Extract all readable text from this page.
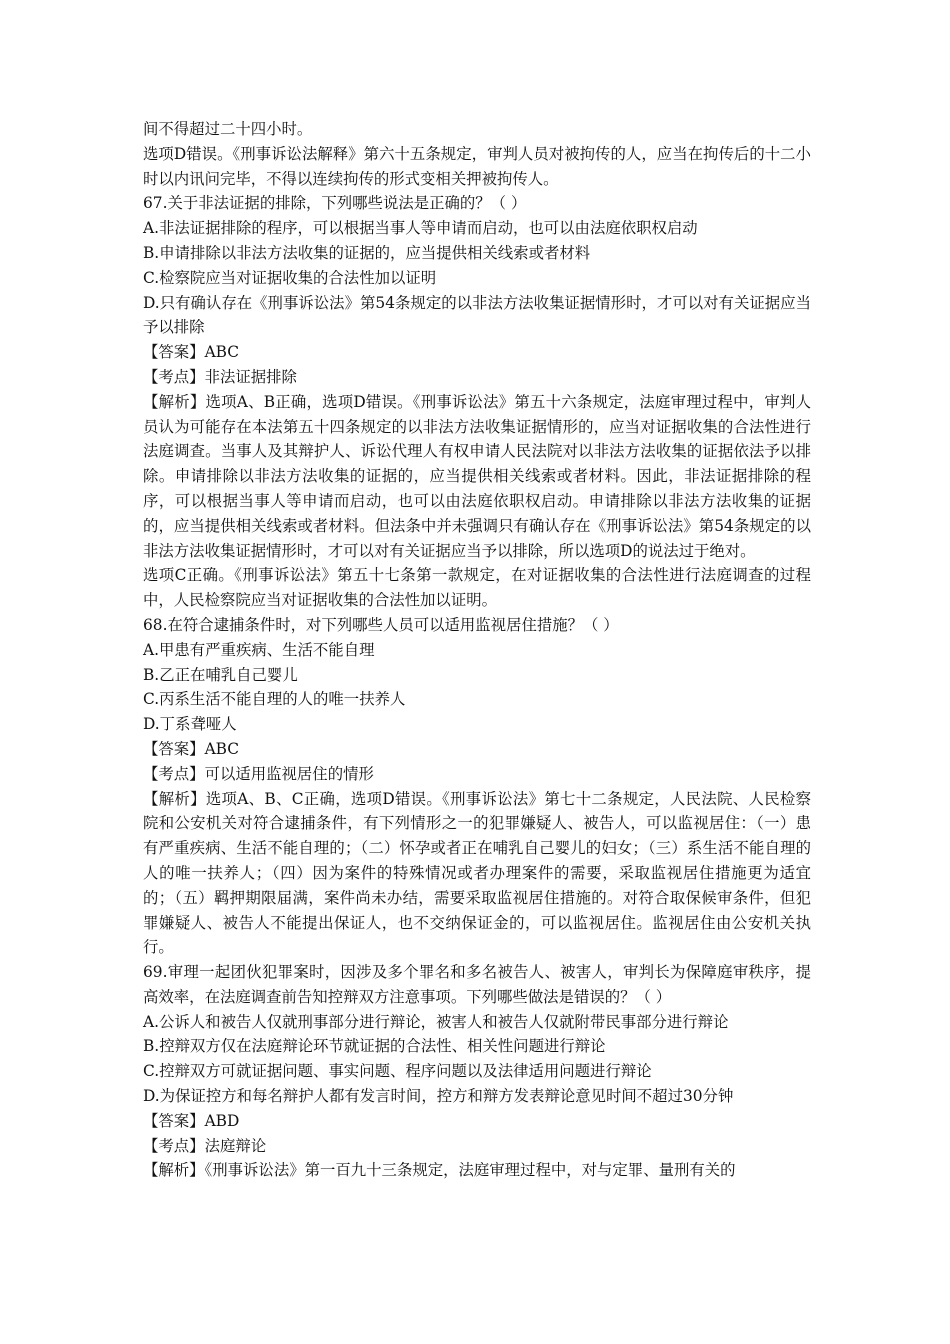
间不得超过二十四小时。

选项D错误。《刑事诉讼法解释》第六十五条规定，审判人员对被拘传的人，应当在拘传后的十二小时以内讯问完毕，不得以连续拘传的形式变相关押被拘传人。

67.关于非法证据的排除，下列哪些说法是正确的？（ ）

A.非法证据排除的程序，可以根据当事人等申请而启动，也可以由法庭依职权启动

B.申请排除以非法方法收集的证据的，应当提供相关线索或者材料

C.检察院应当对证据收集的合法性加以证明

D.只有确认存在《刑事诉讼法》第54条规定的以非法方法收集证据情形时，才可以对有关证据应当予以排除

【答案】ABC

【考点】非法证据排除

【解析】选项A、B正确，选项D错误。《刑事诉讼法》第五十六条规定，法庭审理过程中，审判人员认为可能存在本法第五十四条规定的以非法方法收集证据情形的，应当对证据收集的合法性进行法庭调查。当事人及其辩护人、诉讼代理人有权申请人民法院对以非法方法收集的证据依法予以排除。申请排除以非法方法收集的证据的，应当提供相关线索或者材料。因此，非法证据排除的程序，可以根据当事人等申请而启动，也可以由法庭依职权启动。申请排除以非法方法收集的证据的，应当提供相关线索或者材料。但法条中并未强调只有确认存在《刑事诉讼法》第54条规定的以非法方法收集证据情形时，才可以对有关证据应当予以排除，所以选项D的说法过于绝对。

选项C正确。《刑事诉讼法》第五十七条第一款规定，在对证据收集的合法性进行法庭调查的过程中，人民检察院应当对证据收集的合法性加以证明。

68.在符合逮捕条件时，对下列哪些人员可以适用监视居住措施？（ ）

A.甲患有严重疾病、生活不能自理

B.乙正在哺乳自己婴儿

C.丙系生活不能自理的人的唯一扶养人

D.丁系聋哑人

【答案】ABC

【考点】可以适用监视居住的情形

【解析】选项A、B、C正确，选项D错误。《刑事诉讼法》第七十二条规定，人民法院、人民检察院和公安机关对符合逮捕条件，有下列情形之一的犯罪嫌疑人、被告人，可以监视居住：（一）患有严重疾病、生活不能自理的；（二）怀孕或者正在哺乳自己婴儿的妇女；（三）系生活不能自理的人的唯一扶养人；（四）因为案件的特殊情况或者办理案件的需要，采取监视居住措施更为适宜的；（五）羁押期限届满，案件尚未办结，需要采取监视居住措施的。对符合取保候审条件，但犯罪嫌疑人、被告人不能提出保证人，也不交纳保证金的，可以监视居住。监视居住由公安机关执行。

69.审理一起团伙犯罪案时，因涉及多个罪名和多名被告人、被害人，审判长为保障庭审秩序，提高效率，在法庭调查前告知控辩双方注意事项。下列哪些做法是错误的？（ ）

A.公诉人和被告人仅就刑事部分进行辩论，被害人和被告人仅就附带民事部分进行辩论

B.控辩双方仅在法庭辩论环节就证据的合法性、相关性问题进行辩论

C.控辩双方可就证据问题、事实问题、程序问题以及法律适用问题进行辩论

D.为保证控方和每名辩护人都有发言时间，控方和辩方发表辩论意见时间不超过30分钟

【答案】ABD

【考点】法庭辩论

【解析】《刑事诉讼法》第一百九十三条规定，法庭审理过程中，对与定罪、量刑有关的
